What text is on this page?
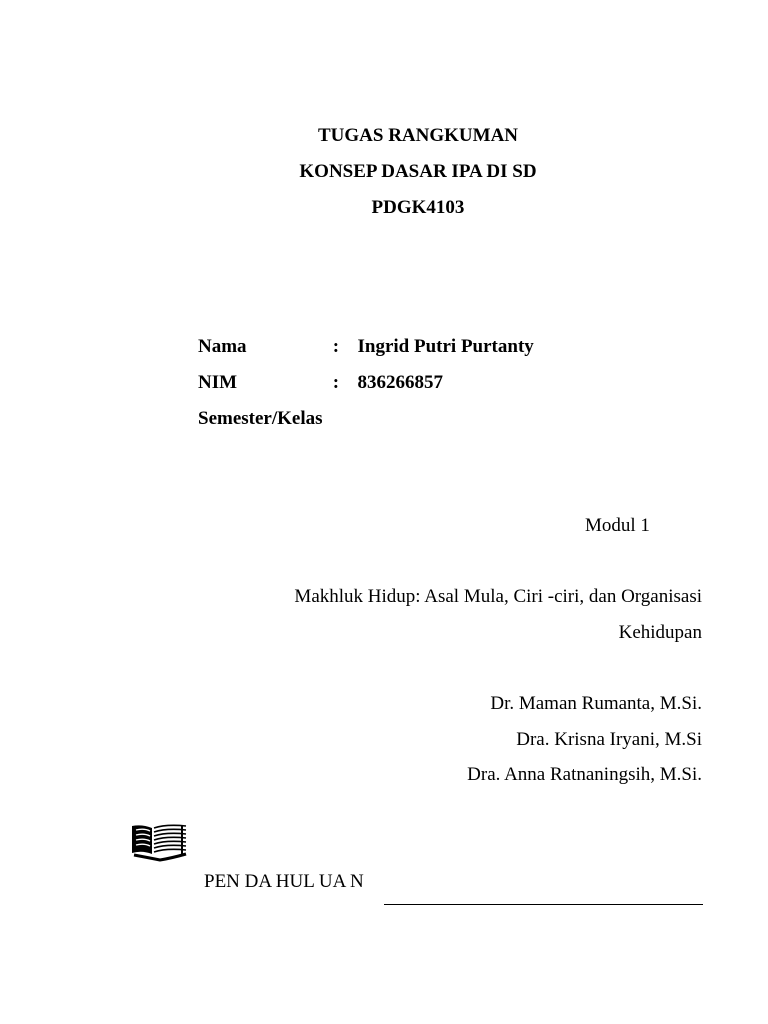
TUGAS RANGKUMAN
KONSEP DASAR IPA DI SD
PDGK4103
Nama	: Ingrid Putri Purtanty
NIM	: 836266857
Semester/Kelas
Modul 1
Makhluk Hidup: Asal Mula, Ciri -ciri, dan Organisasi
Kehidupan
Dr. Maman Rumanta, M.Si.
Dra. Krisna Iryani, M.Si
Dra. Anna Ratnaningsih, M.Si.
PEN DA HUL UA N
